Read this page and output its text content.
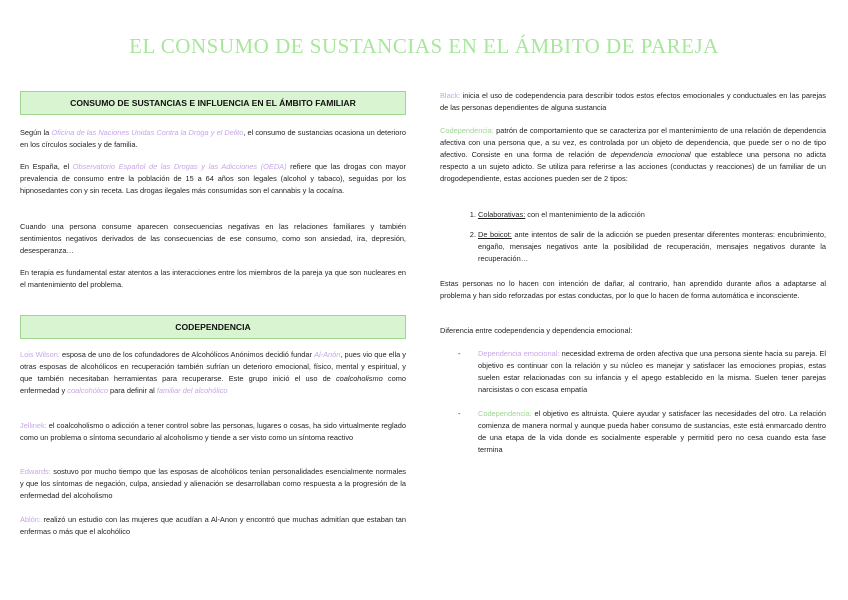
EL CONSUMO DE SUSTANCIAS EN EL ÁMBITO DE PAREJA
CONSUMO DE SUSTANCIAS E INFLUENCIA EN EL ÁMBITO FAMILIAR

Según la Oficina de las Naciones Unidas Contra la Droga y el Delito, el consumo de sustancias ocasiona un deterioro en los círculos sociales y de familia.

En España, el Observatorio Español de las Drogas y las Adicciones (OEDA) refiere que las drogas con mayor prevalencia de consumo entre la población de 15 a 64 años son legales (alcohol y tabaco), seguidas por los hipnosedantes con y sin receta. Las drogas ilegales más consumidas son el cannabis y la cocaína.

Cuando una persona consume aparecen consecuencias negativas en las relaciones familiares y también sentimientos negativos derivados de las consecuencias de ese consumo, como son ansiedad, ira, depresión, desesperanza…

En terapia es fundamental estar atentos a las interacciones entre los miembros de la pareja ya que son nucleares en el mantenimiento del problema.

CODEPENDENCIA

Lois Wilson: esposa de uno de los cofundadores de Alcohólicos Anónimos decidió fundar Al-Anón, pues vio que ella y otras esposas de alcohólicos en recuperación también sufrían un deterioro emocional, físico, mental y espiritual, y que también necesitaban herramientas para recuperarse. Este grupo inició el uso de coalcoholismo como enfermedad y coalcohólico para definir al familiar del alcohólico

Jellinek: el coalcoholismo o adicción a tener control sobre las personas, lugares o cosas, ha sido virtualmente reglado como un problema o síntoma secundario al alcoholismo y tiende a ser visto como un síntoma reactivo

Edwards: sostuvo por mucho tiempo que las esposas de alcohólicos tenían personalidades esencialmente normales y que los síntomas de negación, culpa, ansiedad y alienación se desarrollaban como respuesta a la progresión de la enfermedad del alcoholismo

Ablón: realizó un estudio con las mujeres que acudían a Al-Anon y encontró que muchas admitían que estaban tan enfermas o más que el alcohólico

Black: inicia el uso de codependencia para describir todos estos efectos emocionales y conductuales en las parejas de las personas dependientes de alguna sustancia

Codependencia: patrón de comportamiento que se caracteriza por el mantenimiento de una relación de dependencia afectiva con una persona que, a su vez, es controlada por un objeto de dependencia, que puede ser o no de tipo afectivo. Consiste en una forma de relación de dependencia emocional que establece una persona no adicta respecto a un sujeto adicto. Se utiliza para referirse a las acciones (conductas y reacciones) de un familiar de un drogodependiente, estas acciones pueden ser de 2 tipos:

1. Colaborativas: con el mantenimiento de la adicción
2. De boicot: ante intentos de salir de la adicción se pueden presentar diferentes monteras: encubrimiento, engaño, mensajes negativos ante la posibilidad de recuperación, mensajes negativos durante la recuperación…

Estas personas no lo hacen con intención de dañar, al contrario, han aprendido durante años a adaptarse al problema y han sido reforzadas por estas conductas, por lo que lo hacen de forma automática e inconsciente.

Diferencia entre codependencia y dependencia emocional:

- Dependencia emocional: necesidad extrema de orden afectiva que una persona siente hacia su pareja. El objetivo es continuar con la relación y su núcleo es manejar y satisfacer las emociones propias, estas suelen estar relacionadas con su infancia y el apego establecido en la misma. Suelen tener parejas narcisistas o con escasa empatía
- Codependencia: el objetivo es altruista. Quiere ayudar y satisfacer las necesidades del otro. La relación comienza de manera normal y aunque pueda haber consumo de sustancias, este está enmarcado dentro de una etapa de la vida donde es socialmente esperable y permitid pero no cesa cuando esta fase termina
